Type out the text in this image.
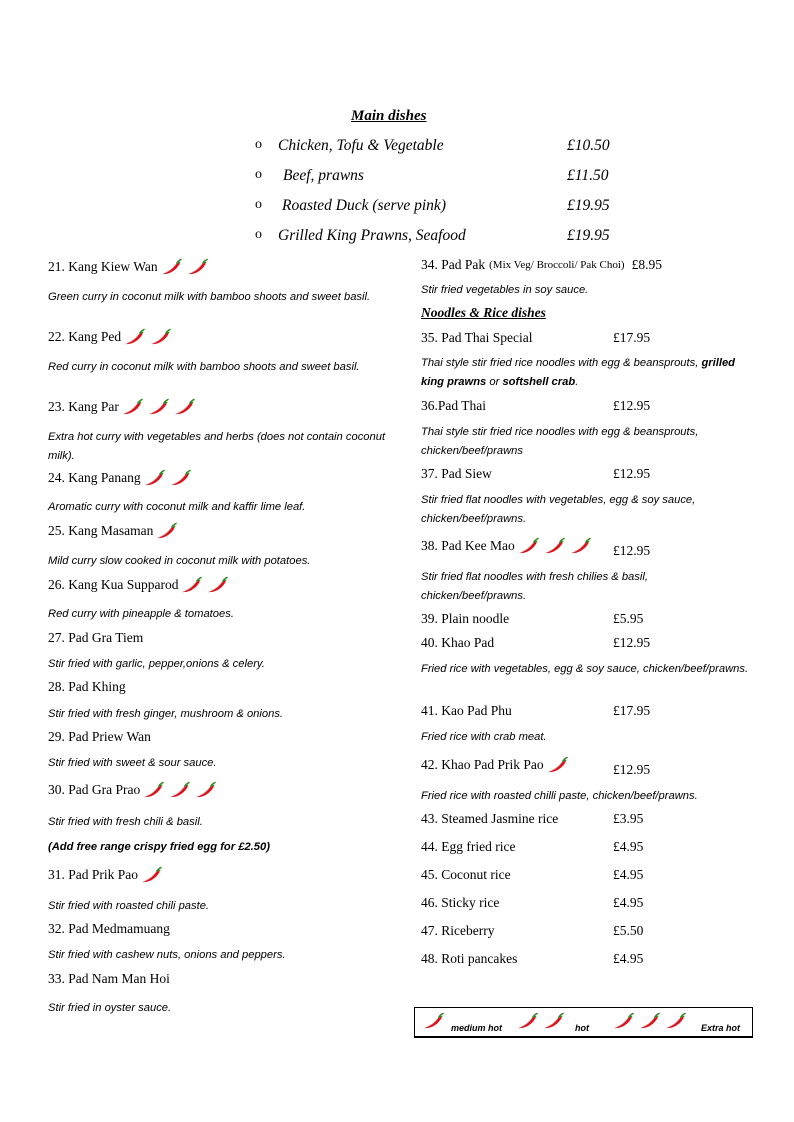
Main dishes
o Chicken, Tofu & Vegetable	£10.50
o Beef, prawns	£11.50
o Roasted Duck (serve pink)	£19.95
o Grilled King Prawns, Seafood	£19.95
21. Kang Kiew Wan
Green curry in coconut milk with bamboo shoots and sweet basil.
22. Kang Ped
Red curry in coconut milk with bamboo shoots and sweet basil.
23. Kang Par
Extra hot curry with vegetables and herbs (does not contain coconut milk).
24. Kang Panang
Aromatic curry with coconut milk and kaffir lime leaf.
25. Kang Masaman
Mild curry slow cooked in coconut milk with potatoes.
26. Kang Kua Supparod
Red curry with pineapple & tomatoes.
27. Pad Gra Tiem
Stir fried with garlic, pepper,onions & celery.
28. Pad Khing
Stir fried with fresh ginger, mushroom & onions.
29. Pad Priew Wan
Stir fried with sweet & sour sauce.
30. Pad Gra Prao
Stir fried with fresh chili & basil.
(Add free range crispy fried egg for £2.50)
31. Pad Prik Pao
Stir fried with roasted chili paste.
32. Pad Medmamuang
Stir fried with cashew nuts, onions and peppers.
33. Pad Nam Man Hoi
Stir fried in oyster sauce.
34. Pad Pak (Mix Veg/ Broccoli/ Pak Choi) £8.95
Stir fried vegetables in soy sauce.
Noodles & Rice dishes
35. Pad Thai Special	£17.95
Thai style stir fried rice noodles with egg & beansprouts, grilled king prawns or softshell crab.
36.Pad Thai	£12.95
Thai style stir fried rice noodles with egg & beansprouts, chicken/beef/prawns
37. Pad Siew	£12.95
Stir fried flat noodles with vegetables, egg & soy sauce, chicken/beef/prawns.
38. Pad Kee Mao	£12.95
Stir fried flat noodles with fresh chilies & basil, chicken/beef/prawns.
39. Plain noodle	£5.95
40. Khao Pad	£12.95
Fried rice with vegetables, egg & soy sauce, chicken/beef/prawns.
41. Kao Pad Phu	£17.95
Fried rice with crab meat.
42. Khao Pad Prik Pao	£12.95
Fried rice with roasted chilli paste, chicken/beef/prawns.
43. Steamed Jasmine rice	£3.95
44. Egg fried rice	£4.95
45. Coconut rice	£4.95
46. Sticky rice	£4.95
47. Riceberry	£5.50
48. Roti pancakes	£4.95
medium hot	hot	Extra hot
